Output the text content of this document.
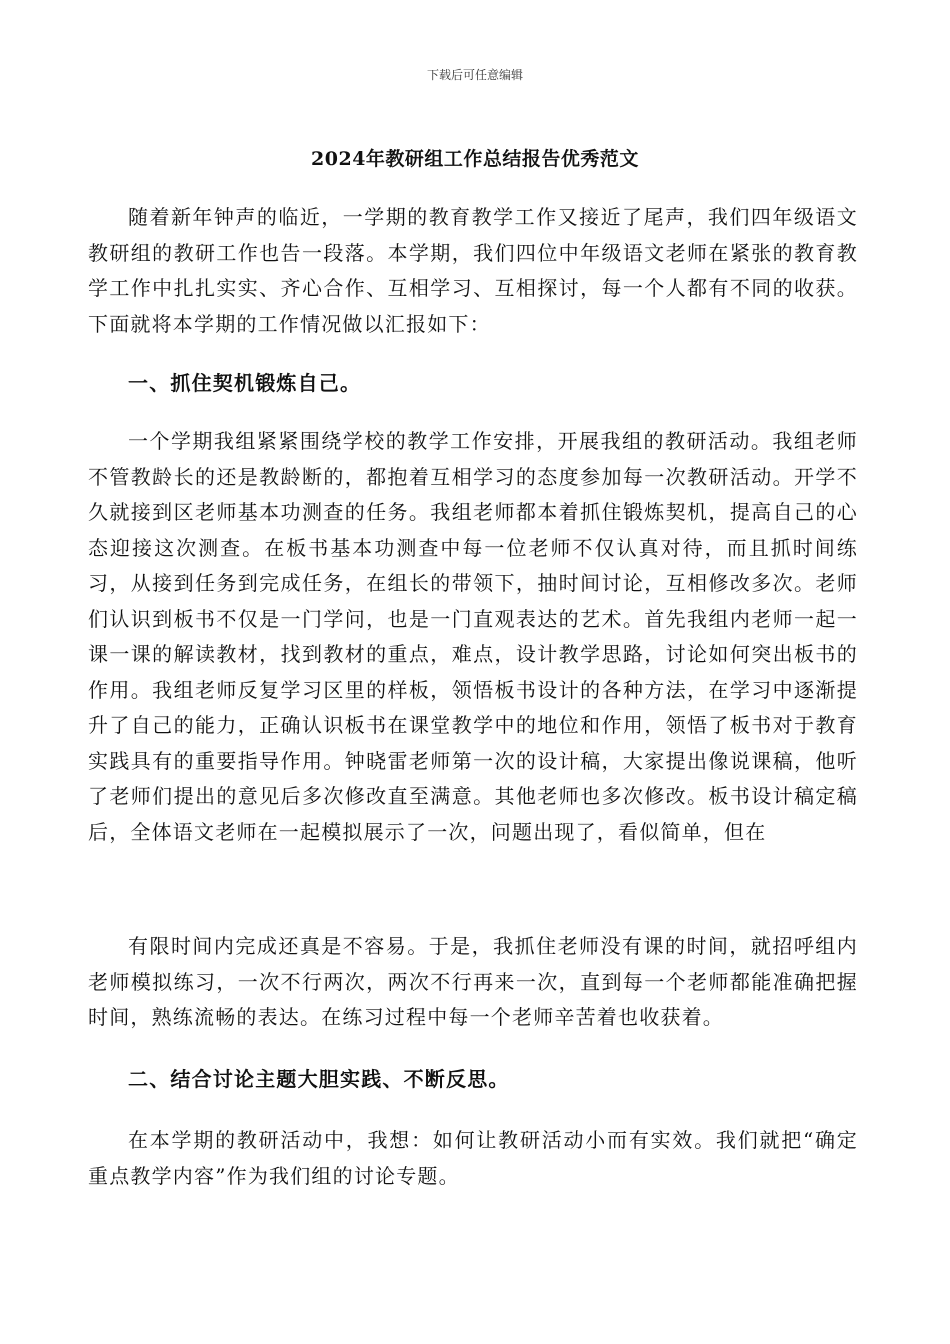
下载后可任意编辑
2024年教研组工作总结报告优秀范文

随着新年钟声的临近，一学期的教育教学工作又接近了尾声，我们四年级语文教研组的教研工作也告一段落。本学期，我们四位中年级语文老师在紧张的教育教学工作中扎扎实实、齐心合作、互相学习、互相探讨，每一个人都有不同的收获。下面就将本学期的工作情况做以汇报如下：

一、抓住契机锻炼自己。

一个学期我组紧紧围绕学校的教学工作安排，开展我组的教研活动。我组老师不管教龄长的还是教龄断的，都抱着互相学习的态度参加每一次教研活动。开学不久就接到区老师基本功测查的任务。我组老师都本着抓住锻炼契机，提高自己的心态迎接这次测查。在板书基本功测查中每一位老师不仅认真对待，而且抓时间练习，从接到任务到完成任务，在组长的带领下，抽时间讨论，互相修改多次。老师们认识到板书不仅是一门学问，也是一门直观表达的艺术。首先我组内老师一起一课一课的解读教材，找到教材的重点，难点，设计教学思路，讨论如何突出板书的作用。我组老师反复学习区里的样板，领悟板书设计的各种方法，在学习中逐渐提升了自己的能力，正确认识板书在课堂教学中的地位和作用，领悟了板书对于教育实践具有的重要指导作用。钟晓雷老师第一次的设计稿，大家提出像说课稿，他听了老师们提出的意见后多次修改直至满意。其他老师也多次修改。板书设计稿定稿后，全体语文老师在一起模拟展示了一次，问题出现了，看似简单，但在

有限时间内完成还真是不容易。于是，我抓住老师没有课的时间，就招呼组内老师模拟练习，一次不行两次，两次不行再来一次，直到每一个老师都能准确把握时间，熟练流畅的表达。在练习过程中每一个老师辛苦着也收获着。

二、结合讨论主题大胆实践、不断反思。

在本学期的教研活动中，我想：如何让教研活动小而有实效。我们就把“确定重点教学内容”作为我们组的讨论专题。
